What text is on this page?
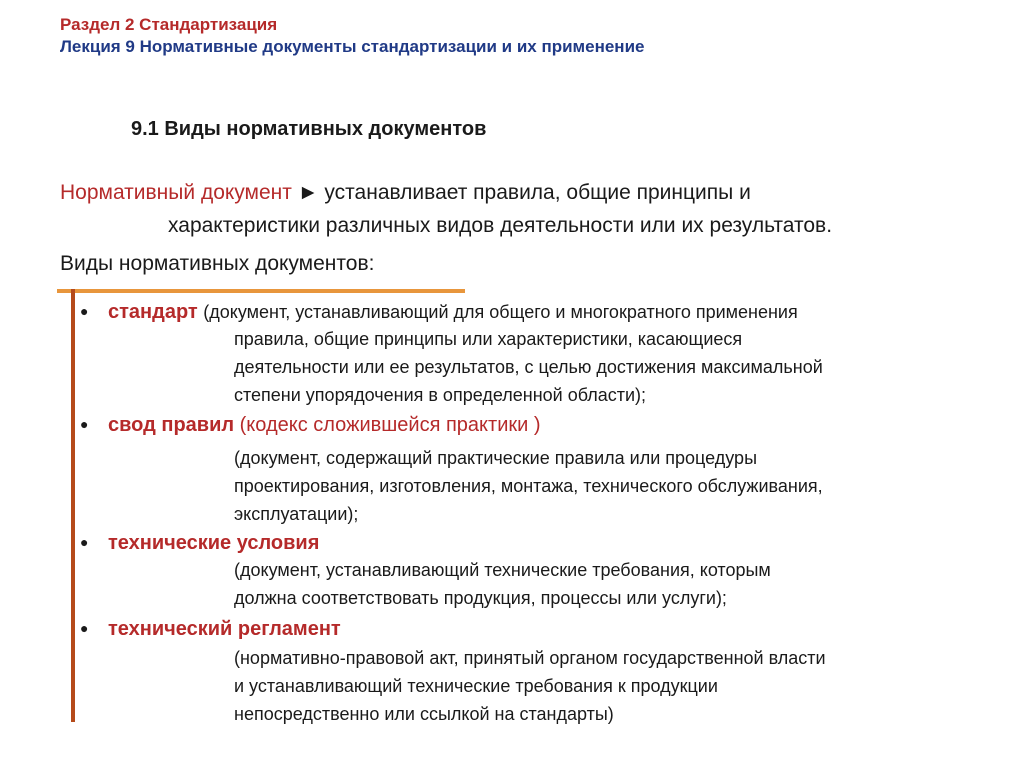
Раздел 2 Стандартизация
Лекция 9 Нормативные документы стандартизации и их применение
9.1 Виды нормативных документов
Нормативный документ ► устанавливает правила, общие принципы и
характеристики различных видов деятельности или их результатов.
Виды нормативных документов:
● стандарт (документ, устанавливающий для общего и многократного применения
правила, общие принципы или характеристики, касающиеся
деятельности или ее результатов, с целью достижения максимальной
степени упорядочения в определенной области);
● свод правил (кодекс сложившейся практики )
(документ, содержащий практические правила или процедуры
проектирования, изготовления, монтажа, технического обслуживания,
эксплуатации);
● технические условия
(документ, устанавливающий технические требования, которым
должна соответствовать продукция, процессы или услуги);
● технический регламент
(нормативно-правовой акт, принятый органом государственной власти
и устанавливающий технические требования к продукции
непосредственно или ссылкой на стандарты)
